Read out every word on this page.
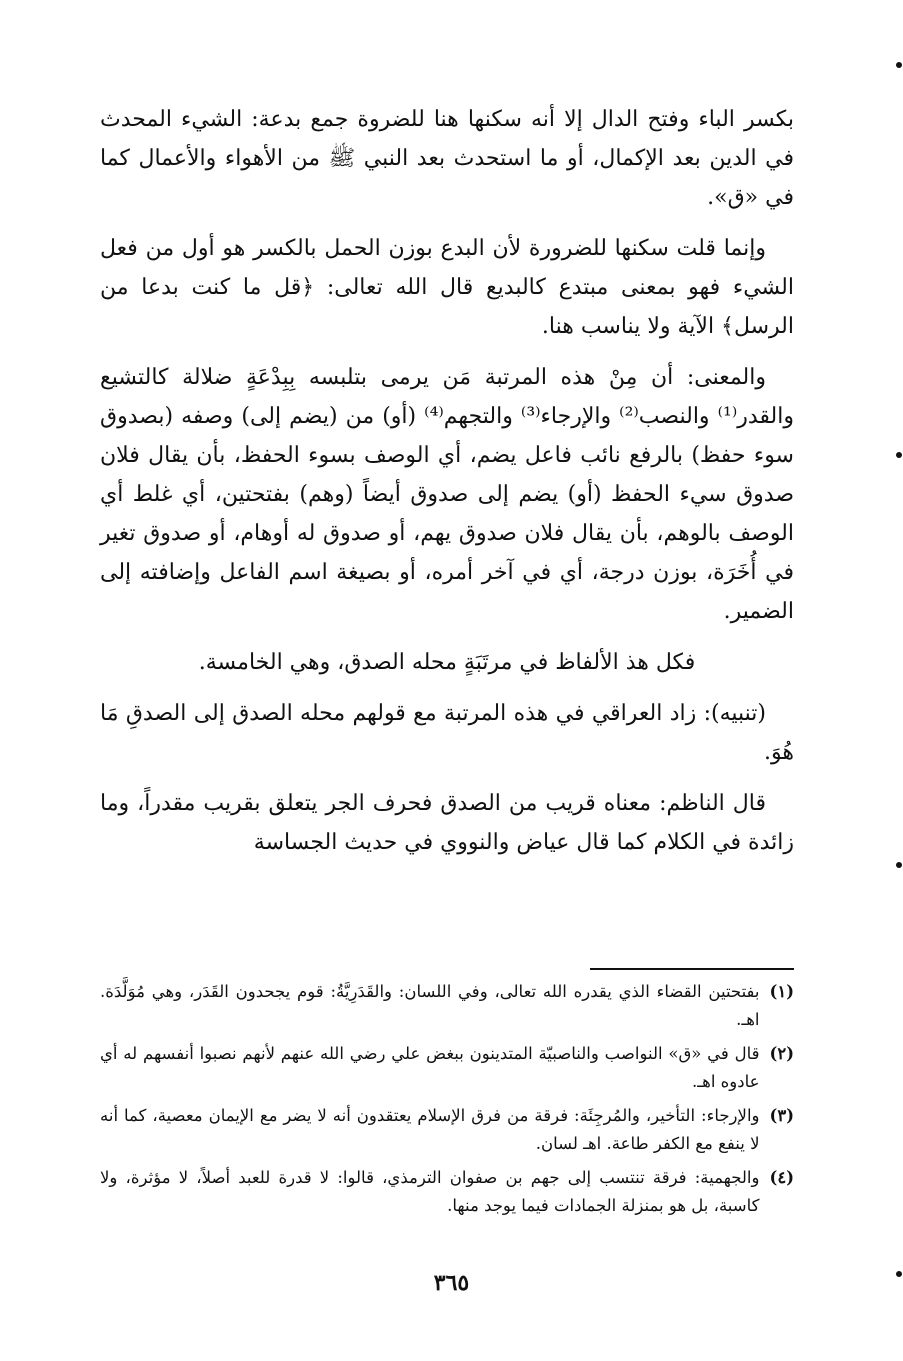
بكسر الباء وفتح الدال إلا أنه سكنها هنا للضروة جمع بدعة: الشيء المحدث في الدين بعد الإكمال، أو ما استحدث بعد النبي ﷺ من الأهواء والأعمال كما في «ق».

وإنما قلت سكنها للضرورة لأن البدع بوزن الحمل بالكسر هو أول من فعل الشيء فهو بمعنى مبتدع كالبديع قال الله تعالى: ﴿قل ما كنت بدعا من الرسل﴾ الآية ولا يناسب هنا.

والمعنى: أن مِنْ هذه المرتبة مَن يرمى بتلبسه بِبِدْعَةٍ ضلالة كالتشيع والقدر⁽¹⁾ والنصب⁽²⁾ والإرجاء⁽³⁾ والتجهم⁽⁴⁾ (أو) من (يضم إلى) وصفه (بصدوق سوء حفظ) بالرفع نائب فاعل يضم، أي الوصف بسوء الحفظ، بأن يقال فلان صدوق سيء الحفظ (أو) يضم إلى صدوق أيضاً (وهم) بفتحتين، أي غلط أي الوصف بالوهم، بأن يقال فلان صدوق يهم، أو صدوق له أوهام، أو صدوق تغير في أُخَرَة، بوزن درجة، أي في آخر أمره، أو بصيغة اسم الفاعل وإضافته إلى الضمير.

فكل هذ الألفاظ في مرتَبَةٍ محله الصدق، وهي الخامسة.

(تنبيه): زاد العراقي في هذه المرتبة مع قولهم محله الصدق إلى الصدقِ مَا هُوَ.

قال الناظم: معناه قريب من الصدق فحرف الجر يتعلق بقريب مقدراً، وما زائدة في الكلام كما قال عياض والنووي في حديث الجساسة

(١)
بفتحتين القضاء الذي يقدره الله تعالى، وفي اللسان: والقَدَرِيَّةُ: قوم يجحدون القَدَر، وهي مُوَلَّدَة. اهـ.
(٢)
قال في «ق» النواصب والناصبيّة المتدينون ببغض علي رضي الله عنهم لأنهم نصبوا أنفسهم له أي عادوه اهـ.
(٣)
والإرجاء: التأخير، والمُرجِئَة: فرقة من فرق الإسلام يعتقدون أنه لا يضر مع الإيمان معصية، كما أنه لا ينفع مع الكفر طاعة. اهـ لسان.
(٤)
والجهمية: فرقة تنتسب إلى جهم بن صفوان الترمذي، قالوا: لا قدرة للعبد أصلاً، لا مؤثرة، ولا كاسبة، بل هو بمنزلة الجمادات فيما يوجد منها.
٣٦٥
